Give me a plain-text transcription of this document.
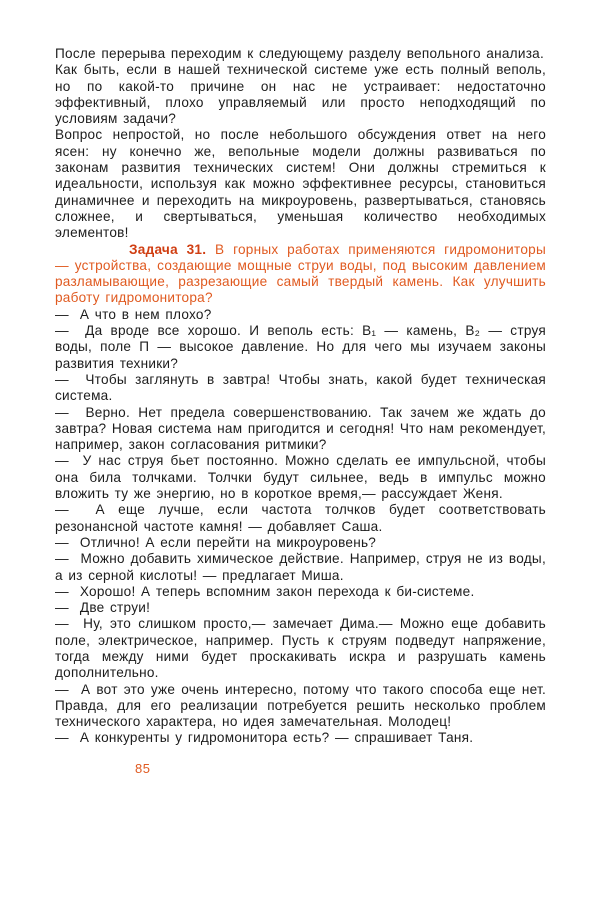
После перерыва переходим к следующему разделу вепольного анализа.

Как быть, если в нашей технической системе уже есть полный веполь, но по какой-то причине он нас не устраивает: недостаточно эффективный, плохо управляемый или просто неподходящий по условиям задачи?

Вопрос непростой, но после небольшого обсуждения ответ на него ясен: ну конечно же, вепольные модели должны развиваться по законам развития технических систем! Они должны стремиться к идеальности, используя как можно эффективнее ресурсы, становиться динамичнее и переходить на микроуровень, развертываться, становясь сложнее, и свертываться, уменьшая количество необходимых элементов!

Задача 31. В горных работах применяются гидромониторы — устройства, создающие мощные струи воды, под высоким давлением разламывающие, разрезающие самый твердый камень. Как улучшить работу гидромонитора?

—  А что в нем плохо?

—  Да вроде все хорошо. И веполь есть: В₁ — камень, В₂ — струя воды, поле П — высокое давление. Но для чего мы изучаем законы развития техники?

—  Чтобы заглянуть в завтра! Чтобы знать, какой будет техническая система.

—  Верно. Нет предела совершенствованию. Так зачем же ждать до завтра? Новая система нам пригодится и сегодня! Что нам рекомендует, например, закон согласования ритмики?

—  У нас струя бьет постоянно. Можно сделать ее импульсной, чтобы она била толчками. Толчки будут сильнее, ведь в импульс можно вложить ту же энергию, но в короткое время,— рассуждает Женя.

—  А еще лучше, если частота толчков будет соответствовать резонансной частоте камня! — добавляет Саша.

—  Отлично! А если перейти на микроуровень?

—  Можно добавить химическое действие. Например, струя не из воды, а из серной кислоты! — предлагает Миша.

—  Хорошо! А теперь вспомним закон перехода к би-системе.

—  Две струи!

—  Ну, это слишком просто,— замечает Дима.— Можно еще добавить поле, электрическое, например. Пусть к струям подведут напряжение, тогда между ними будет проскакивать искра и разрушать камень дополнительно.

—  А вот это уже очень интересно, потому что такого способа еще нет. Правда, для его реализации потребуется решить несколько проблем технического характера, но идея замечательная. Молодец!

—  А конкуренты у гидромонитора есть? — спрашивает Таня.

85
